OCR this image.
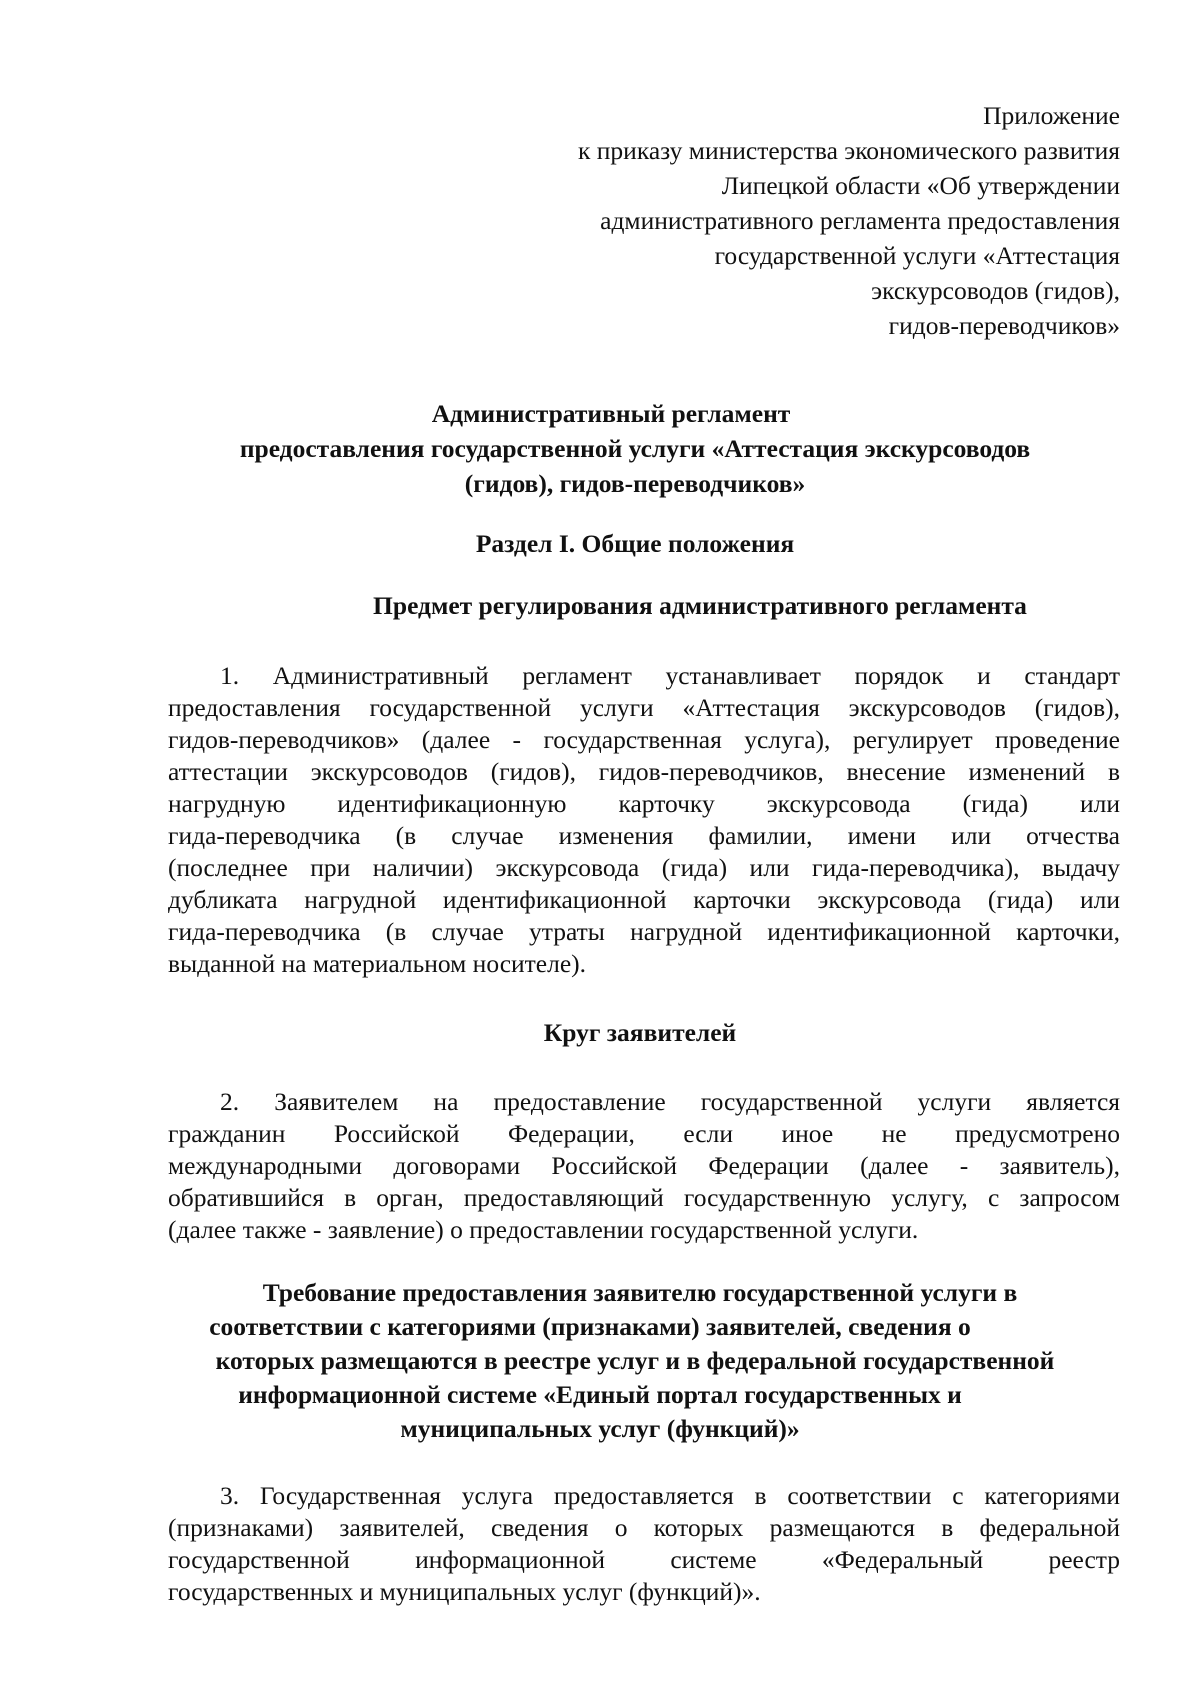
Приложение
к приказу министерства экономического развития
Липецкой области «Об утверждении
административного регламента предоставления
государственной услуги «Аттестация
экскурсоводов (гидов),
гидов-переводчиков»
Административный регламент
предоставления государственной услуги «Аттестация экскурсоводов
(гидов), гидов-переводчиков»
Раздел I. Общие положения
Предмет регулирования административного регламента
1. Административный регламент устанавливает порядок и стандарт
предоставления государственной услуги «Аттестация экскурсоводов (гидов),
гидов-переводчиков» (далее - государственная услуга), регулирует проведение
аттестации экскурсоводов (гидов), гидов-переводчиков, внесение изменений в
нагрудную идентификационную карточку экскурсовода (гида) или
гида-переводчика (в случае изменения фамилии, имени или отчества
(последнее при наличии) экскурсовода (гида) или гида-переводчика), выдачу
дубликата нагрудной идентификационной карточки экскурсовода (гида) или
гида-переводчика (в случае утраты нагрудной идентификационной карточки,
выданной на материальном носителе).
Круг заявителей
2. Заявителем на предоставление государственной услуги является
гражданин Российской Федерации, если иное не предусмотрено
международными договорами Российской Федерации (далее - заявитель),
обратившийся в орган, предоставляющий государственную услугу, с запросом
(далее также - заявление) о предоставлении государственной услуги.
Требование предоставления заявителю государственной услуги в
соответствии с категориями (признаками) заявителей, сведения о
которых размещаются в реестре услуг и в федеральной государственной
информационной системе «Единый портал государственных и
муниципальных услуг (функций)»
3. Государственная услуга предоставляется в соответствии с категориями
(признаками) заявителей, сведения о которых размещаются в федеральной
государственной информационной системе «Федеральный реестр
государственных и муниципальных услуг (функций)».
